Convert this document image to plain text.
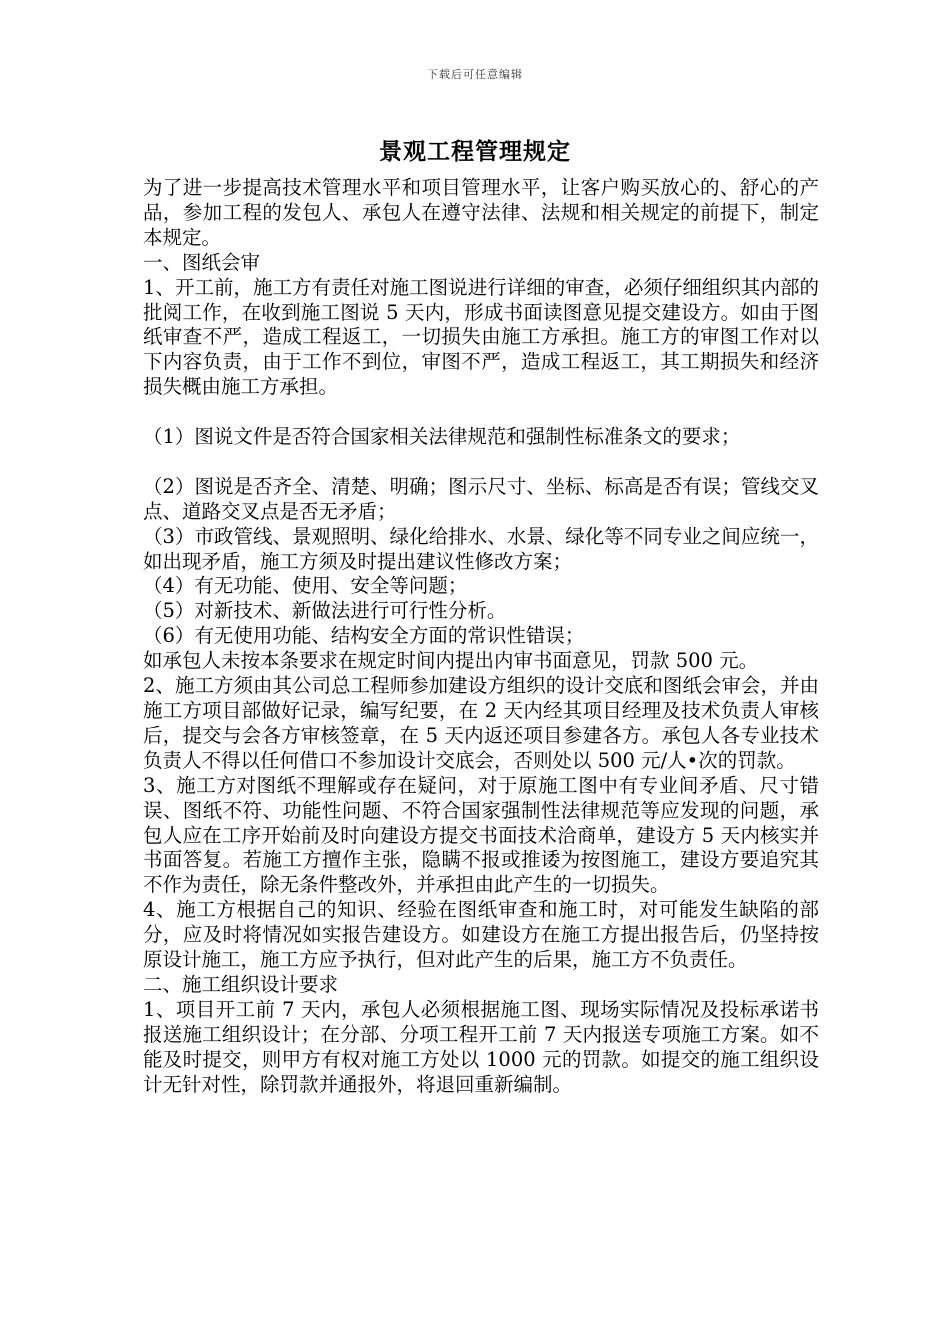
下载后可任意编辑
景观工程管理规定

为了进一步提高技术管理水平和项目管理水平，让客户购买放心的、舒心的产品，参加工程的发包人、承包人在遵守法律、法规和相关规定的前提下，制定本规定。

一、图纸会审

1、开工前，施工方有责任对施工图说进行详细的审查，必须仔细组织其内部的批阅工作，在收到施工图说 5 天内，形成书面读图意见提交建设方。如由于图纸审查不严，造成工程返工，一切损失由施工方承担。施工方的审图工作对以下内容负责，由于工作不到位，审图不严，造成工程返工，其工期损失和经济损失概由施工方承担。

（1）图说文件是否符合国家相关法律规范和强制性标准条文的要求；

（2）图说是否齐全、清楚、明确；图示尺寸、坐标、标高是否有误；管线交叉点、道路交叉点是否无矛盾；

（3）市政管线、景观照明、绿化给排水、水景、绿化等不同专业之间应统一，如出现矛盾，施工方须及时提出建议性修改方案；

（4）有无功能、使用、安全等问题；

（5）对新技术、新做法进行可行性分析。

（6）有无使用功能、结构安全方面的常识性错误；

如承包人未按本条要求在规定时间内提出内审书面意见，罚款 500 元。

2、施工方须由其公司总工程师参加建设方组织的设计交底和图纸会审会，并由施工方项目部做好记录，编写纪要，在 2 天内经其项目经理及技术负责人审核后，提交与会各方审核签章，在 5 天内返还项目参建各方。承包人各专业技术负责人不得以任何借口不参加设计交底会，否则处以 500 元/人•次的罚款。

3、施工方对图纸不理解或存在疑问，对于原施工图中有专业间矛盾、尺寸错误、图纸不符、功能性问题、不符合国家强制性法律规范等应发现的问题，承包人应在工序开始前及时向建设方提交书面技术洽商单，建设方 5 天内核实并书面答复。若施工方擅作主张，隐瞒不报或推诿为按图施工，建设方要追究其不作为责任，除无条件整改外，并承担由此产生的一切损失。

4、施工方根据自己的知识、经验在图纸审查和施工时，对可能发生缺陷的部分，应及时将情况如实报告建设方。如建设方在施工方提出报告后，仍坚持按原设计施工，施工方应予执行，但对此产生的后果，施工方不负责任。

二、施工组织设计要求

1、项目开工前 7 天内，承包人必须根据施工图、现场实际情况及投标承诺书报送施工组织设计；在分部、分项工程开工前 7 天内报送专项施工方案。如不能及时提交，则甲方有权对施工方处以 1000 元的罚款。如提交的施工组织设计无针对性，除罚款并通报外，将退回重新编制。
